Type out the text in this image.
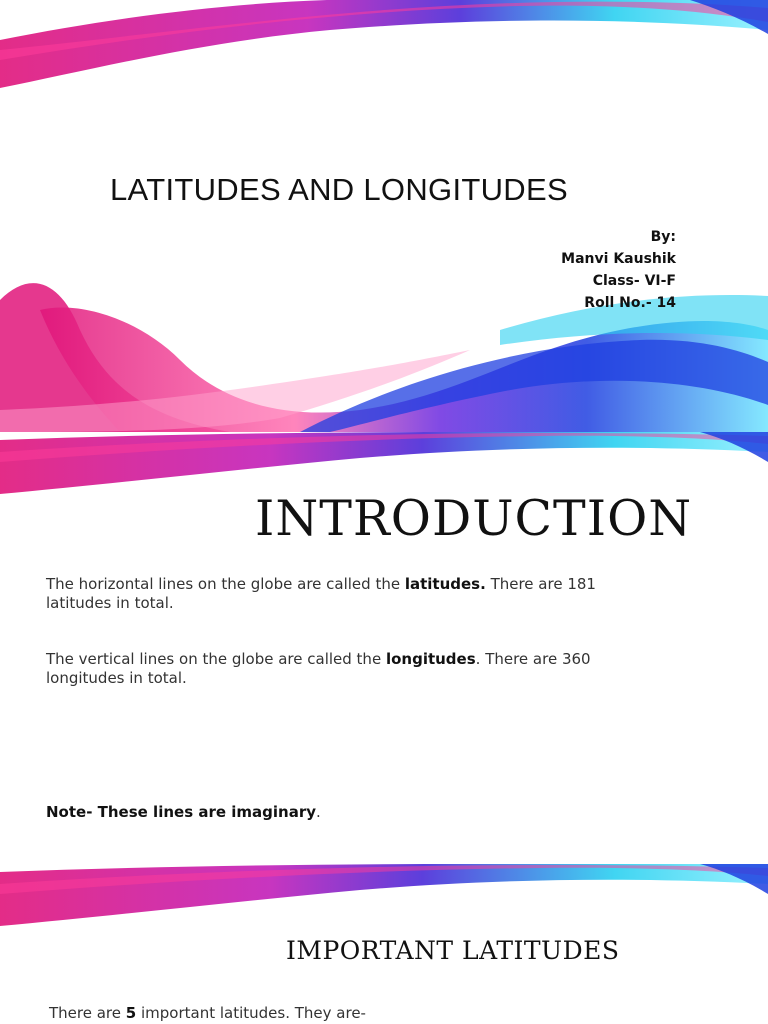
LATITUDES AND LONGITUDES
By:
Manvi Kaushik
Class- VI-F
Roll No.- 14
INTRODUCTION
The horizontal lines on the globe are called the latitudes. There are 181 latitudes in total.
The vertical lines on the globe are called the longitudes. There are 360 longitudes in total.
Note- These lines are imaginary.
IMPORTANT LATITUDES
There are 5 important latitudes. They are-
